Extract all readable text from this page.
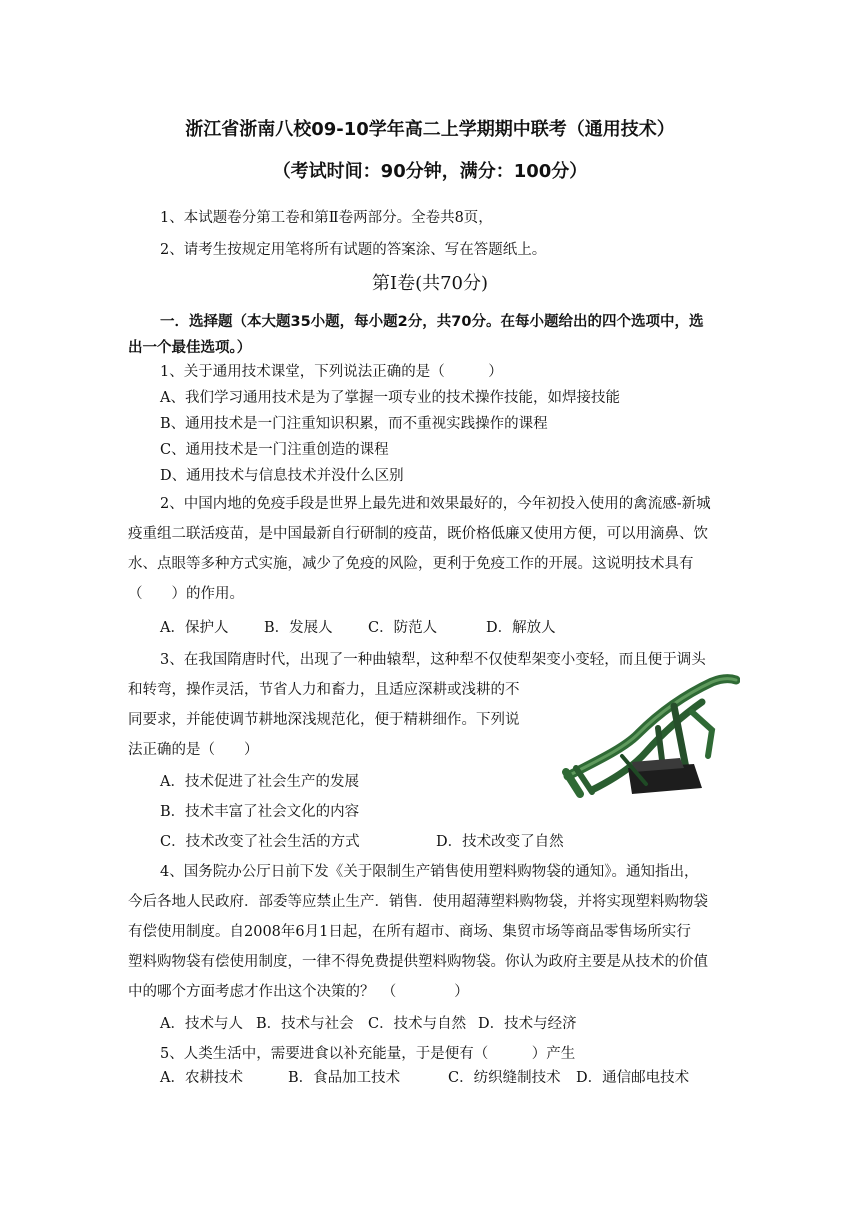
浙江省浙南八校09-10学年高二上学期期中联考（通用技术）
（考试时间：90分钟，满分：100分）
1、本试题卷分第工卷和第Ⅱ卷两部分。全卷共8页，
2、请考生按规定用笔将所有试题的答案涂、写在答题纸上。
第Ⅰ卷(共70分)
一．选择题（本大题35小题，每小题2分，共70分。在每小题给出的四个选项中，选
出一个最佳选项。）
1、关于通用技术课堂，下列说法正确的是（　　　）
A、我们学习通用技术是为了掌握一项专业的技术操作技能，如焊接技能
B、通用技术是一门注重知识积累，而不重视实践操作的课程
C、通用技术是一门注重创造的课程
D、通用技术与信息技术并没什么区别
2、中国内地的免疫手段是世界上最先进和效果最好的，今年初投入使用的禽流感-新城
疫重组二联活疫苗，是中国最新自行研制的疫苗，既价格低廉又使用方便，可以用滴鼻、饮
水、点眼等多种方式实施，减少了免疫的风险，更利于免疫工作的开展。这说明技术具有
（　　）的作用。
A．保护人 B．发展人 C．防范人	D．解放人
3、在我国隋唐时代，出现了一种曲辕犁，这种犁不仅使犁架变小变轻，而且便于调头
和转弯，操作灵活，节省人力和畜力，且适应深耕或浅耕的不
同要求，并能使调节耕地深浅规范化，便于精耕细作。下列说
法正确的是（　　）
A．技术促进了社会生产的发展
B．技术丰富了社会文化的内容
C．技术改变了社会生活的方式	D．技术改变了自然
4、国务院办公厅日前下发《关于限制生产销售使用塑料购物袋的通知》。通知指出，
今后各地人民政府．部委等应禁止生产．销售．使用超薄塑料购物袋，并将实现塑料购物袋
有偿使用制度。自2008年6月1日起，在所有超市、商场、集贸市场等商品零售场所实行
塑料购物袋有偿使用制度，一律不得免费提供塑料购物袋。你认为政府主要是从技术的价值
中的哪个方面考虑才作出这个决策的？　（　　　　）
A．技术与人 B．技术与社会 C．技术与自然 D．技术与经济
5、人类生活中，需要进食以补充能量，于是便有（　　　）产生
A．农耕技术	B．食品加工技术	C．纺织缝制技术 D．通信邮电技术
